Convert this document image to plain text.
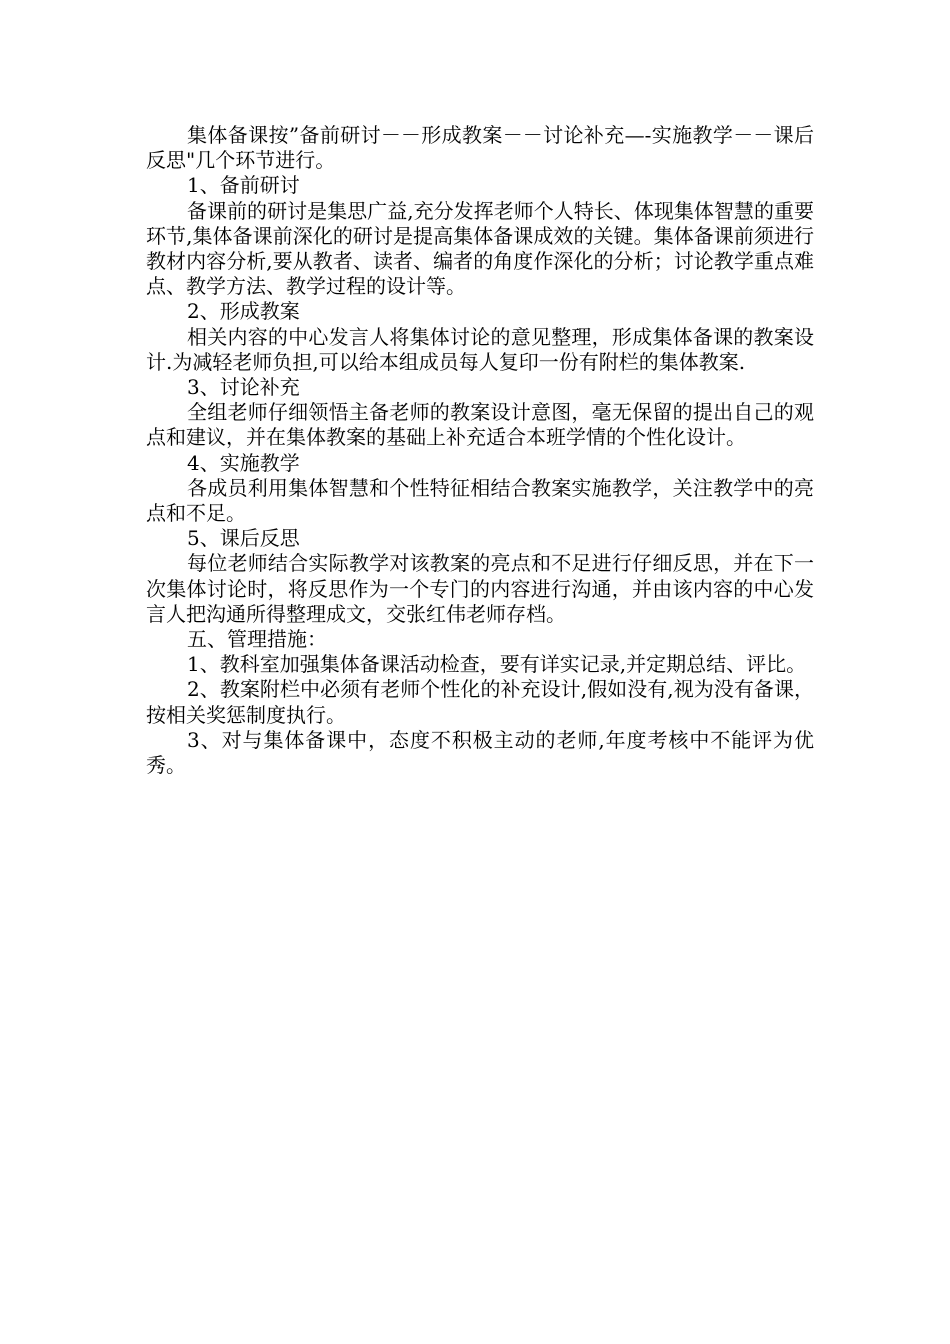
集体备课按”备前研讨－－形成教案－－讨论补充—-实施教学－－课后反思"几个环节进行。

1、备前研讨

备课前的研讨是集思广益,充分发挥老师个人特长、体现集体智慧的重要环节,集体备课前深化的研讨是提高集体备课成效的关键。集体备课前须进行教材内容分析,要从教者、读者、编者的角度作深化的分析；讨论教学重点难点、教学方法、教学过程的设计等。

2、形成教案

相关内容的中心发言人将集体讨论的意见整理，形成集体备课的教案设计.为减轻老师负担,可以给本组成员每人复印一份有附栏的集体教案.

3、讨论补充

全组老师仔细领悟主备老师的教案设计意图，毫无保留的提出自己的观点和建议，并在集体教案的基础上补充适合本班学情的个性化设计。

4、实施教学

各成员利用集体智慧和个性特征相结合教案实施教学，关注教学中的亮点和不足。

5、课后反思

每位老师结合实际教学对该教案的亮点和不足进行仔细反思，并在下一次集体讨论时，将反思作为一个专门的内容进行沟通，并由该内容的中心发言人把沟通所得整理成文，交张红伟老师存档。

五、管理措施：

1、教科室加强集体备课活动检查，要有详实记录,并定期总结、评比。

2、教案附栏中必须有老师个性化的补充设计,假如没有,视为没有备课，按相关奖惩制度执行。

3、对与集体备课中，态度不积极主动的老师,年度考核中不能评为优秀。
